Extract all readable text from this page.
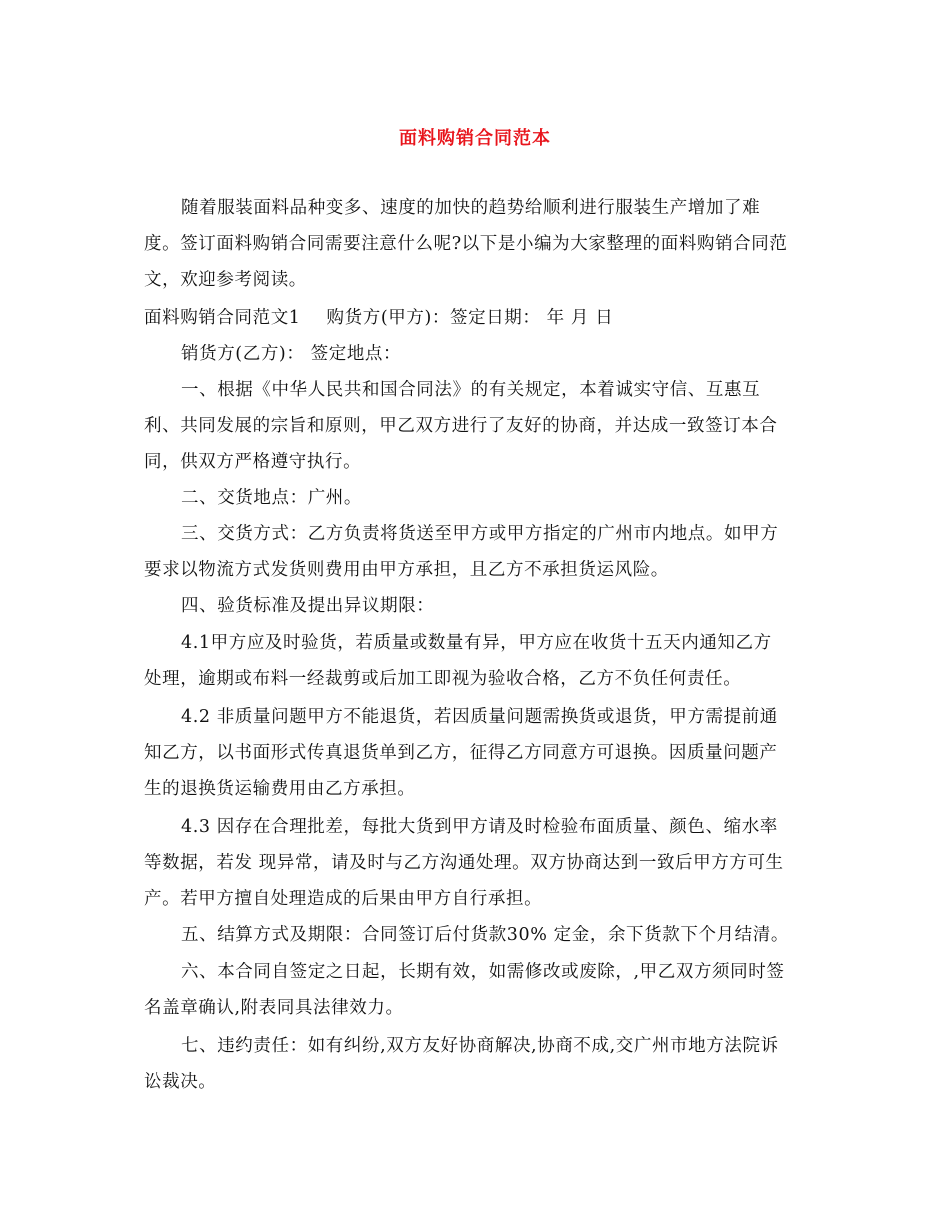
面料购销合同范本

随着服装面料品种变多、速度的加快的趋势给顺利进行服装生产增加了难

度。签订面料购销合同需要注意什么呢?以下是小编为大家整理的面料购销合同范

文，欢迎参考阅读。

面料购销合同范文1 购货方(甲方)：签定日期： 年 月 日

销货方(乙方)： 签定地点：

一、根据《中华人民共和国合同法》的有关规定，本着诚实守信、互惠互

利、共同发展的宗旨和原则，甲乙双方进行了友好的协商，并达成一致签订本合

同，供双方严格遵守执行。

二、交货地点：广州。

三、交货方式：乙方负责将货送至甲方或甲方指定的广州市内地点。如甲方

要求以物流方式发货则费用由甲方承担，且乙方不承担货运风险。

四、验货标准及提出异议期限：

4.1甲方应及时验货，若质量或数量有异，甲方应在收货十五天内通知乙方

处理，逾期或布料一经裁剪或后加工即视为验收合格，乙方不负任何责任。

4.2 非质量问题甲方不能退货，若因质量问题需换货或退货，甲方需提前通

知乙方，以书面形式传真退货单到乙方，征得乙方同意方可退换。因质量问题产

生的退换货运输费用由乙方承担。

4.3 因存在合理批差，每批大货到甲方请及时检验布面质量、颜色、缩水率

等数据，若发 现异常，请及时与乙方沟通处理。双方协商达到一致后甲方方可生

产。若甲方擅自处理造成的后果由甲方自行承担。

五、结算方式及期限：合同签订后付货款30% 定金，余下货款下个月结清。

六、本合同自签定之日起，长期有效，如需修改或废除，,甲乙双方须同时签

名盖章确认,附表同具法律效力。

七、违约责任：如有纠纷,双方友好协商解决,协商不成,交广州市地方法院诉

讼裁决。
